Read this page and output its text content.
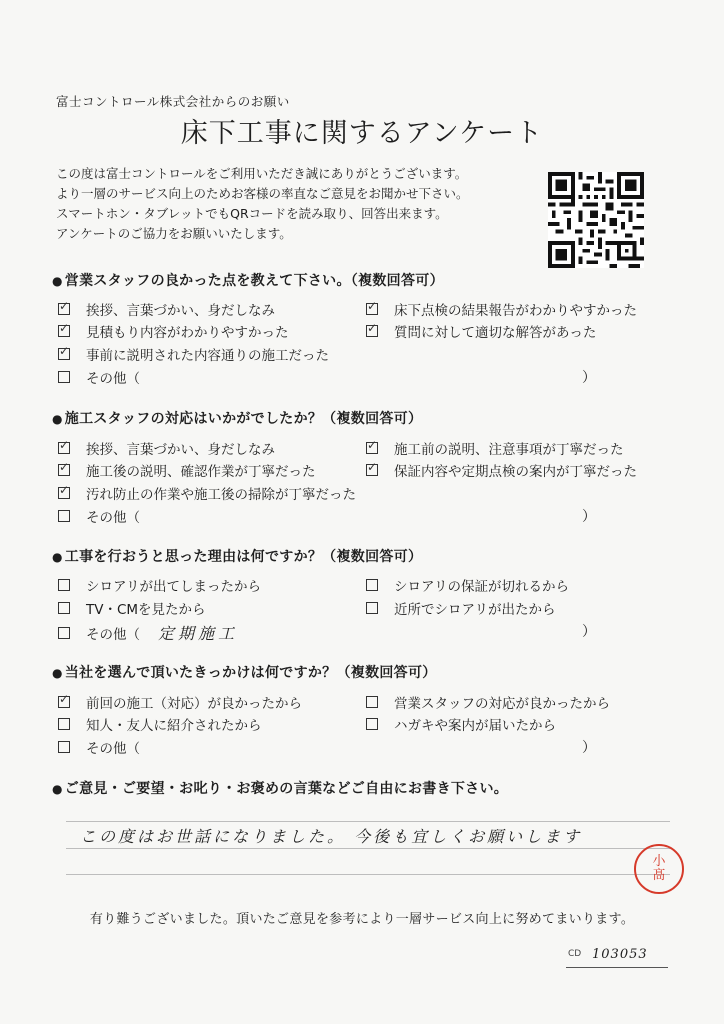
富士コントロール株式会社からのお願い
床下工事に関するアンケート
この度は富士コントロールをご利用いただき誠にありがとうございます。
より一層のサービス向上のためお客様の率直なご意見をお聞かせ下さい。
スマートホン・タブレットでもQRコードを読み取り、回答出来ます。
アンケートのご協力をお願いいたします。
● 営業スタッフの良かった点を教えて下さい。（複数回答可）
✓
挨拶、言葉づかい、身だしなみ ✓	床下点検の結果報告がわかりやすかった
✓
見積もり内容がわかりやすかった ✓	質問に対して適切な解答があった
✓
事前に説明された内容通りの施工だった
その他（	）
● 施工スタッフの対応はいかがでしたか？（複数回答可）
✓
挨拶、言葉づかい、身だしなみ ✓	施工前の説明、注意事項が丁寧だった
✓
施工後の説明、確認作業が丁寧だった ✓	保証内容や定期点検の案内が丁寧だった
✓
汚れ防止の作業や施工後の掃除が丁寧だった
その他（	）
● 工事を行おうと思った理由は何ですか？（複数回答可）
シロアリが出てしまったから	シロアリの保証が切れるから
TV・CMを見たから	近所でシロアリが出たから
その他（ 定期施工	）
● 当社を選んで頂いたきっかけは何ですか？（複数回答可）
✓
前回の施工（対応）が良かったから	営業スタッフの対応が良かったから
知人・友人に紹介されたから	ハガキや案内が届いたから
その他（	）
● ご意見・ご要望・お叱り・お褒めの言葉などご自由にお書き下さい。
この度はお世話になりました。 今後も宜しくお願いします
小
髙
有り難うございました。頂いたご意見を参考により一層サービス向上に努めてまいります。
CD 103053
